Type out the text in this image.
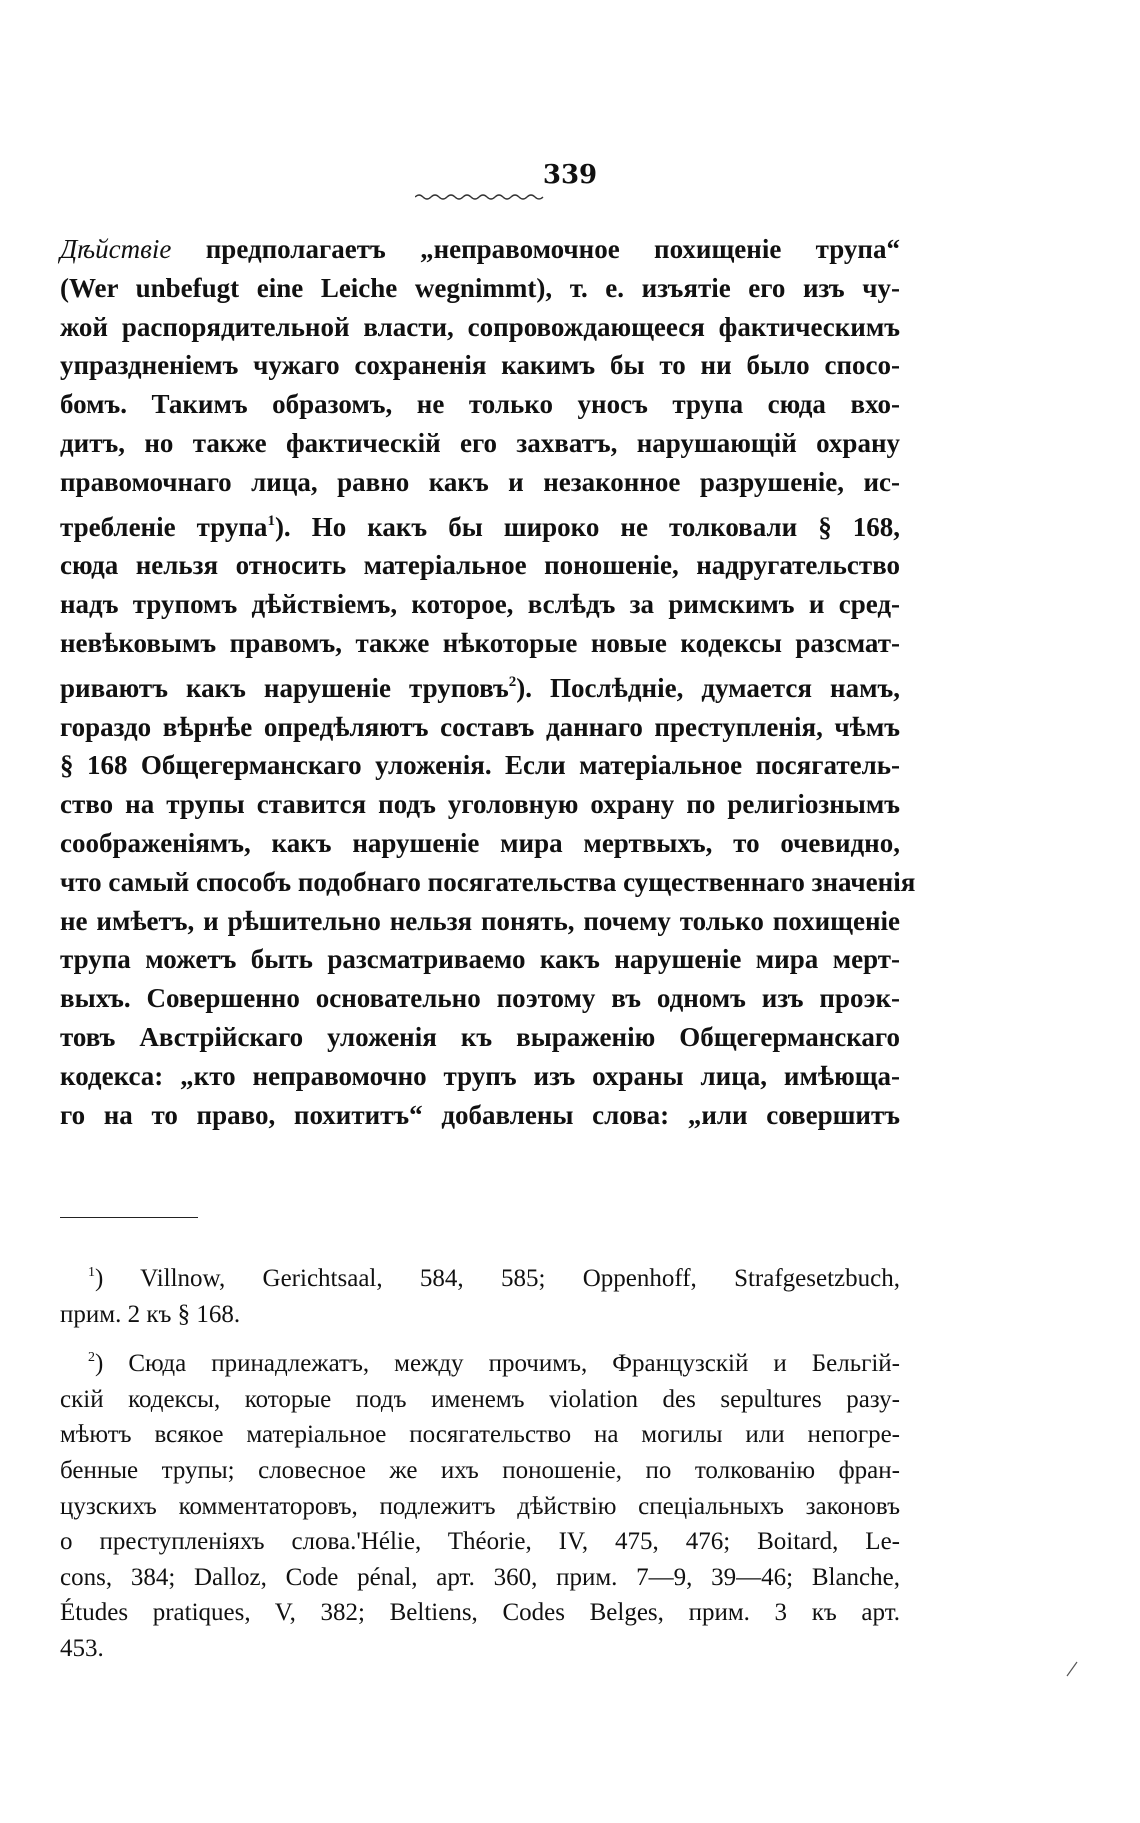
339
Дѣйствіе предполагаетъ „неправомочное похищеніе трупа“
(Wer unbefugt eine Leiche wegnimmt), т. е. изъятіе его изъ чу-
жой распорядительной власти, сопровождающееся фактическимъ
упраздненіемъ чужаго сохраненія какимъ бы то ни было спосо-
бомъ. Такимъ образомъ, не только уносъ трупа сюда вхо-
дитъ, но также фактическій его захватъ, нарушающій охрану
правомочнаго лица, равно какъ и незаконное разрушеніе, ис-
требленіе трупа$^1$). Но какъ бы широко не толковали § 168,
сюда нельзя относить матеріальное поношеніе, надругательство
надъ трупомъ дѣйствіемъ, которое, вслѣдъ за римскимъ и сред-
невѣковымъ правомъ, также нѣкоторые новые кодексы разсмат-
риваютъ какъ нарушеніе труповъ$^2$). Послѣдніе, думается намъ,
гораздо вѣрнѣе опредѣляютъ составъ даннаго преступленія, чѣмъ
§ 168 Общегерманскаго уложенія. Если матеріальное посягатель-
ство на трупы ставится подъ уголовную охрану по религіознымъ
соображеніямъ, какъ нарушеніе мира мертвыхъ, то очевидно,
что самый способъ подобнаго посягательства существеннаго значенія
не имѣетъ, и рѣшительно нельзя понять, почему только похищеніе
трупа можетъ быть разсматриваемо какъ нарушеніе мира мерт-
выхъ. Совершенно основательно поэтому въ одномъ изъ проэк-
товъ Австрійскаго уложенія къ выраженію Общегерманскаго
кодекса: „кто неправомочно трупъ изъ охраны лица, имѣюща-
го на то право, похититъ“ добавлены слова: „или совершитъ
$^1$) Villnow, Gerichtsaal, 584, 585; Oppenhoff, Strafgesetzbuch,
прим. 2 къ § 168.
$^2$) Сюда принадлежатъ, между прочимъ, Французскій и Бельгій-
скій кодексы, которые подъ именемъ violation des sepultures разу-
мѣютъ всякое матеріальное посягательство на могилы или непогре-
бенные трупы; словесное же ихъ поношеніе, по толкованію фран-
цузскихъ комментаторовъ, подлежитъ дѣйствію спеціальныхъ законовъ
о преступленіяхъ слова.'Hélie, Théorie, IV, 475, 476; Boitard, Le-
cons, 384; Dalloz, Code pénal, арт. 360, прим. 7—9, 39—46; Blanche,
Études pratiques, V, 382; Beltiens, Codes Belges, прим. 3 къ арт.
453.
